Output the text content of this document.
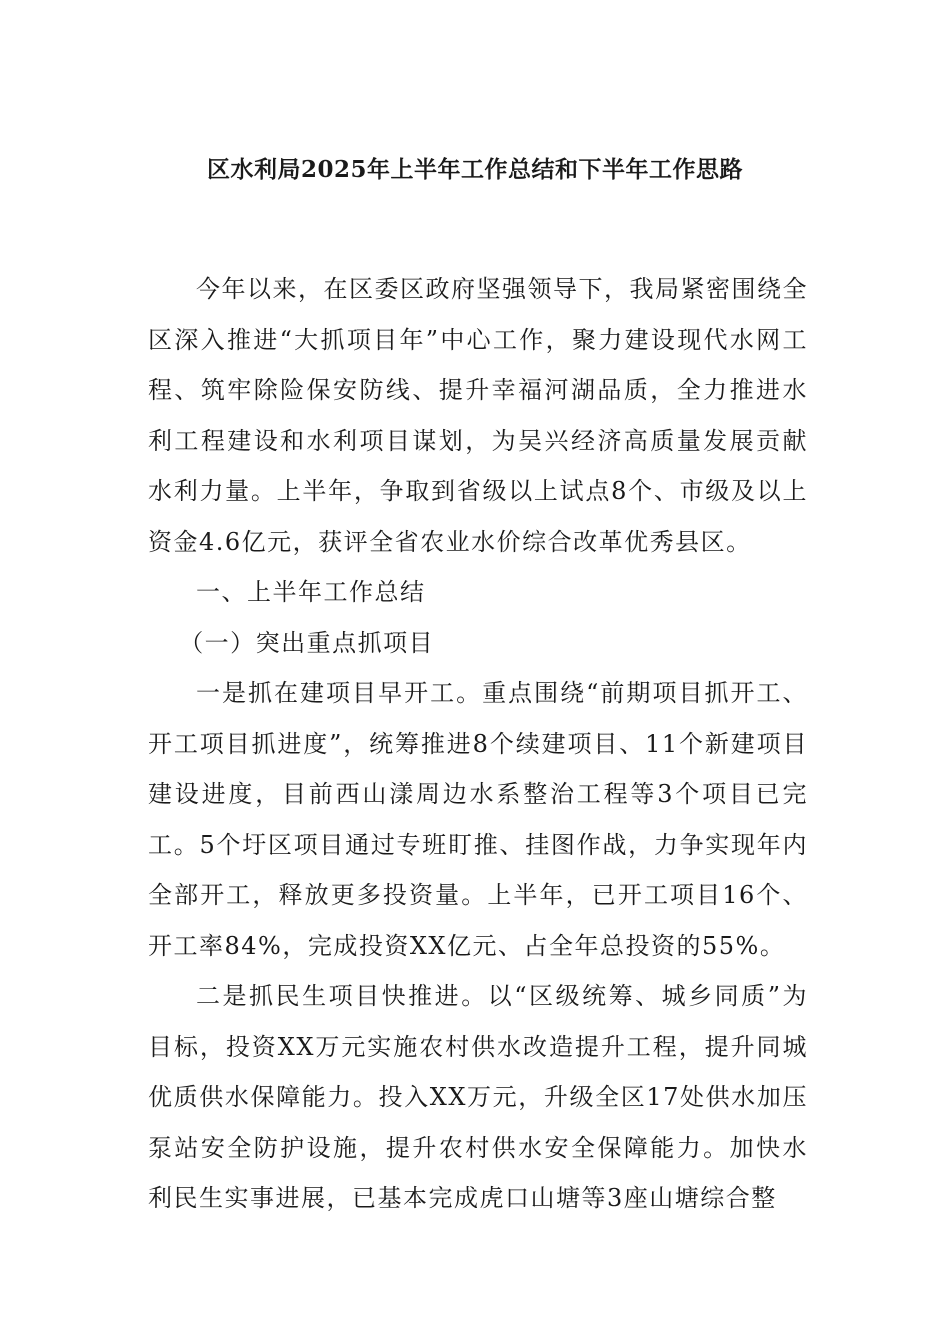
区水利局2025年上半年工作总结和下半年工作思路

今年以来，在区委区政府坚强领导下，我局紧密围绕全区深入推进“大抓项目年”中心工作，聚力建设现代水网工程、筑牢除险保安防线、提升幸福河湖品质，全力推进水利工程建设和水利项目谋划，为吴兴经济高质量发展贡献水利力量。上半年，争取到省级以上试点8个、市级及以上资金4.6亿元，获评全省农业水价综合改革优秀县区。

一、上半年工作总结

（一）突出重点抓项目

一是抓在建项目早开工。重点围绕“前期项目抓开工、开工项目抓进度”，统筹推进8个续建项目、11个新建项目建设进度，目前西山漾周边水系整治工程等3个项目已完工。5个圩区项目通过专班盯推、挂图作战，力争实现年内全部开工，释放更多投资量。上半年，已开工项目16个、开工率84%，完成投资XX亿元、占全年总投资的55%。

二是抓民生项目快推进。以“区级统筹、城乡同质”为目标，投资XX万元实施农村供水改造提升工程，提升同城优质供水保障能力。投入XX万元，升级全区17处供水加压泵站安全防护设施，提升农村供水安全保障能力。加快水利民生实事进展，已基本完成虎口山塘等3座山塘综合整
